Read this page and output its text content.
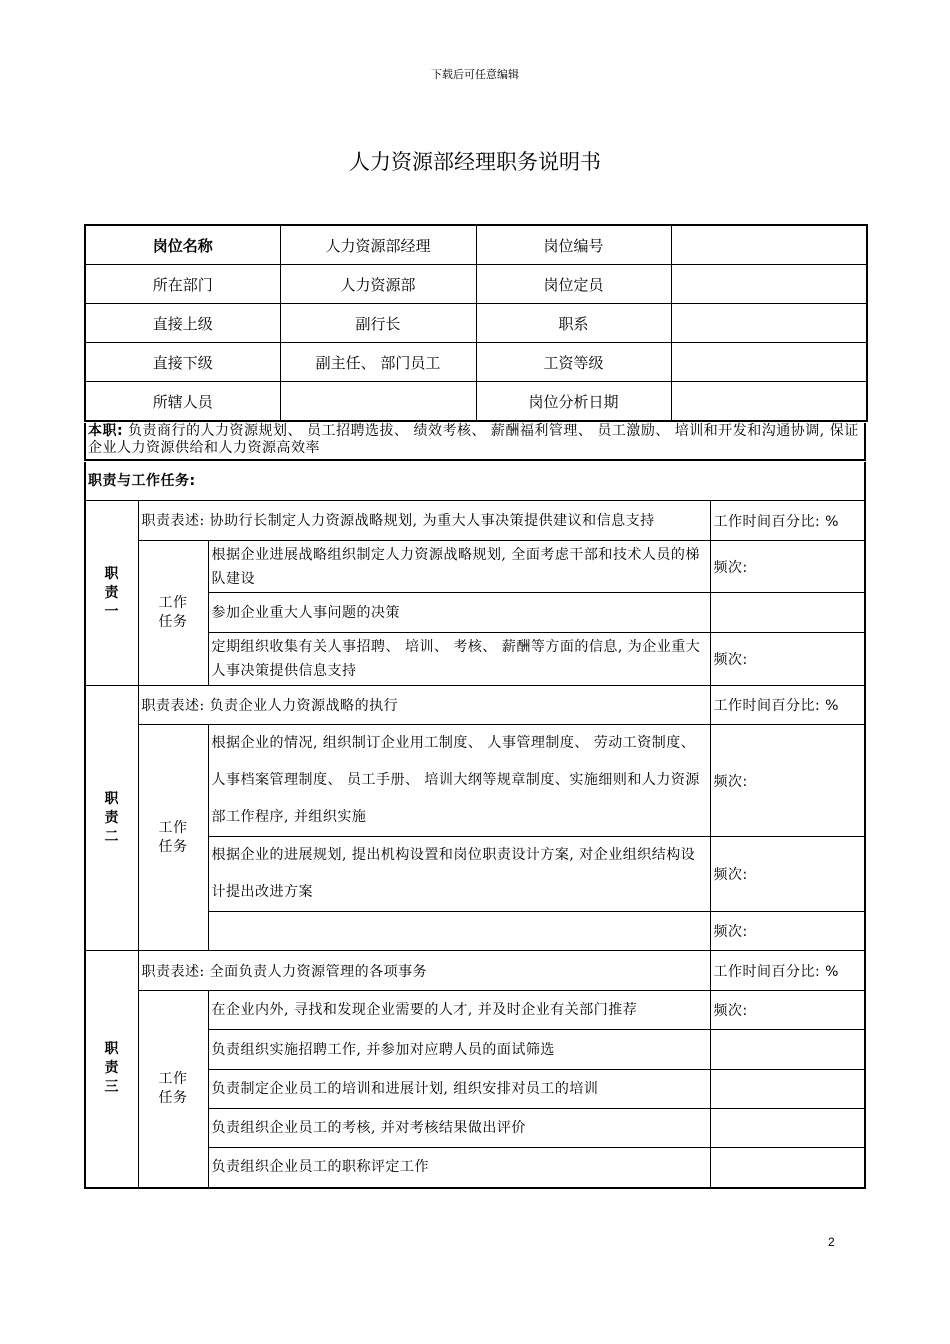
下载后可任意编辑
人力资源部经理职务说明书
岗位名称	人力资源部经理	岗位编号	
所在部门	人力资源部	岗位定员	
直接上级	副行长	职系	
直接下级	副主任、 部门员工	工资等级	
所辖人员		岗位分析日期	
本职: 负责商行的人力资源规划、 员工招聘选拔、 绩效考核、 薪酬福利管理、 员工激励、 培训和开发和沟通协调, 保证企业人力资源供给和人力资源高效率
职责与工作任务:
职责一	职责表述: 协助行长制定人力资源战略规划, 为重大人事决策提供建议和信息支持		工作时间百分比: %
	工作任务	根据企业进展战略组织制定人力资源战略规划, 全面考虑干部和技术人员的梯队建设	频次:
		参加企业重大人事问题的决策	
		定期组织收集有关人事招聘、 培训、 考核、 薪酬等方面的信息, 为企业重大人事决策提供信息支持	频次:
职责二	职责表述: 负责企业人力资源战略的执行		工作时间百分比: %
	工作任务	根据企业的情况, 组织制订企业用工制度、 人事管理制度、 劳动工资制度、 人事档案管理制度、 员工手册、 培训大纲等规章制度、实施细则和人力资源部工作程序, 并组织实施	频次:
		根据企业的进展规划, 提出机构设置和岗位职责设计方案, 对企业组织结构设计提出改进方案	频次:
			频次:
职责三	职责表述: 全面负责人力资源管理的各项事务		工作时间百分比: %
	工作任务	在企业内外, 寻找和发现企业需要的人才, 并及时企业有关部门推荐	频次:
		负责组织实施招聘工作, 并参加对应聘人员的面试筛选	
		负责制定企业员工的培训和进展计划, 组织安排对员工的培训	
		负责组织企业员工的考核, 并对考核结果做出评价	
		负责组织企业员工的职称评定工作	
2
